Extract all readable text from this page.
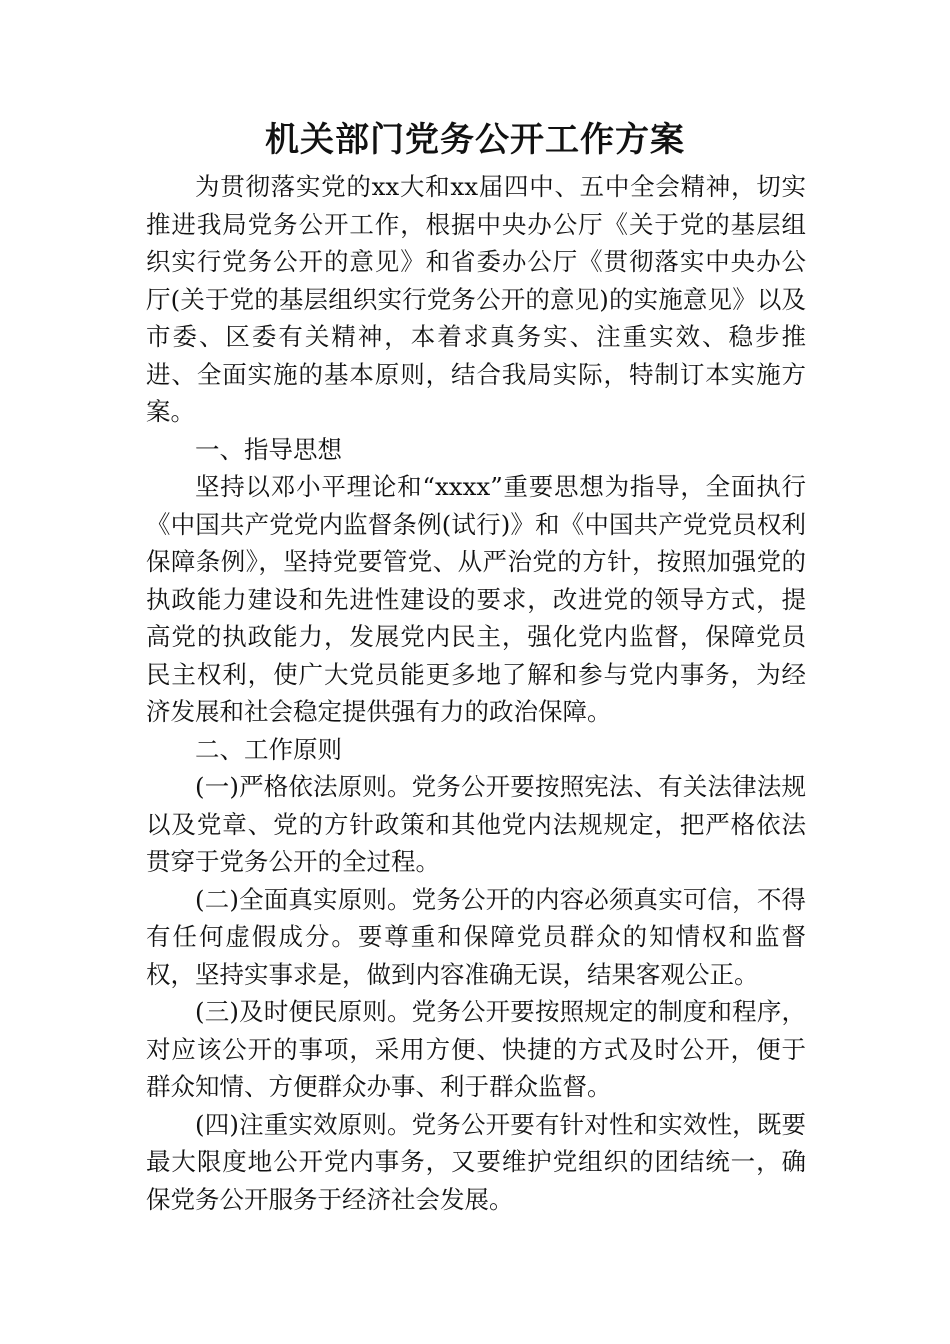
机关部门党务公开工作方案

为贯彻落实党的xx大和xx届四中、五中全会精神，切实推进我局党务公开工作，根据中央办公厅《关于党的基层组织实行党务公开的意见》和省委办公厅《贯彻落实中央办公厅(关于党的基层组织实行党务公开的意见)的实施意见》以及市委、区委有关精神，本着求真务实、注重实效、稳步推进、全面实施的基本原则，结合我局实际，特制订本实施方案。

一、指导思想

坚持以邓小平理论和“xxxx”重要思想为指导，全面执行《中国共产党党内监督条例(试行)》和《中国共产党党员权利保障条例》，坚持党要管党、从严治党的方针，按照加强党的执政能力建设和先进性建设的要求，改进党的领导方式，提高党的执政能力，发展党内民主，强化党内监督，保障党员民主权利，使广大党员能更多地了解和参与党内事务，为经济发展和社会稳定提供强有力的政治保障。

二、工作原则

(一)严格依法原则。党务公开要按照宪法、有关法律法规以及党章、党的方针政策和其他党内法规规定，把严格依法贯穿于党务公开的全过程。

(二)全面真实原则。党务公开的内容必须真实可信，不得有任何虚假成分。要尊重和保障党员群众的知情权和监督权，坚持实事求是，做到内容准确无误，结果客观公正。

(三)及时便民原则。党务公开要按照规定的制度和程序，对应该公开的事项，采用方便、快捷的方式及时公开，便于群众知情、方便群众办事、利于群众监督。

(四)注重实效原则。党务公开要有针对性和实效性，既要最大限度地公开党内事务，又要维护党组织的团结统一，确保党务公开服务于经济社会发展。
